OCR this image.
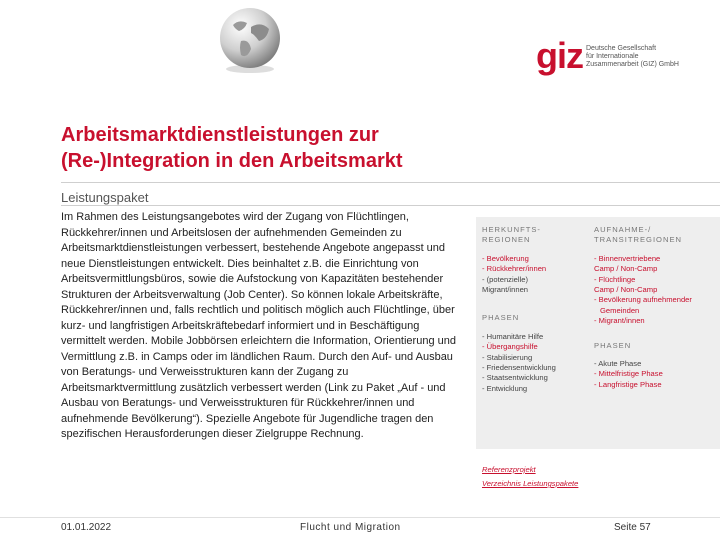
giz Deutsche Gesellschaft
für Internationale
Zusammenarbeit (GIZ) GmbH
Arbeitsmarktdienstleistungen zur
(Re-)Integration in den Arbeitsmarkt
Leistungspaket
Im Rahmen des Leistungsangebotes wird der Zugang von Flüchtlingen, Rückkehrer/innen und Arbeitslosen der aufnehmenden Gemeinden zu Arbeitsmarktdienstleistungen verbessert, bestehende Angebote angepasst und neue Dienstleistungen entwickelt. Dies beinhaltet z.B. die Einrichtung von Arbeitsvermittlungsbüros, sowie die Aufstockung von Kapazitäten bestehender Strukturen der Arbeitsverwaltung (Job Center). So können lokale Arbeitskräfte, Rückkehrer/innen und, falls rechtlich und politisch möglich auch Flüchtlinge, über kurz- und langfristigen Arbeitskräftebedarf informiert und in Beschäftigung vermittelt werden. Mobile Jobbörsen erleichtern die Information, Orientierung und Vermittlung z.B. in Camps oder im ländlichen Raum. Durch den Auf- und Ausbau von Beratungs- und Verweisstrukturen kann der Zugang zu Arbeitsmarktvermittlung zusätzlich verbessert werden (Link zu Paket „Auf - und Ausbau von Beratungs- und Verweisstrukturen für Rückkehrer/innen und aufnehmende Bevölkerung“). Spezielle Angebote für Jugendliche tragen den spezifischen Herausforderungen dieser Zielgruppe Rechnung.
HERKUNFTS-
REGIONEN
- Bevölkerung
- Rückkehrer/innen
- (potenzielle)
Migrant/innen
PHASEN
- Humanitäre Hilfe
- Übergangshilfe
- Stabilisierung
- Friedensentwicklung
- Staatsentwicklung
- Entwicklung
AUFNAHME-/
TRANSITREGIONEN
- Binnenvertriebene
Camp / Non-Camp
- Flüchtlinge
Camp / Non-Camp
- Bevölkerung aufnehmender Gemeinden
- Migrant/innen
PHASEN
- Akute Phase
- Mittelfristige Phase
- Langfristige Phase
Referenzprojekt
Verzeichnis Leistungspakete
01.01.2022	Flucht und Migration	Seite 57
